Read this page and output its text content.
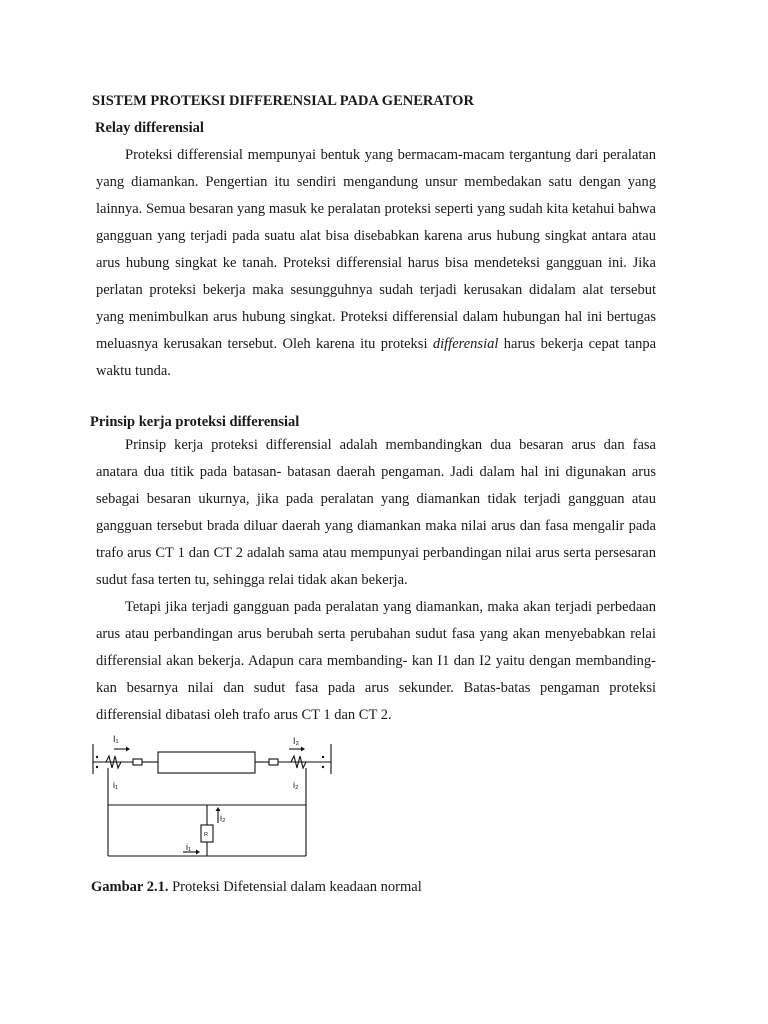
SISTEM PROTEKSI DIFFERENSIAL PADA GENERATOR
Relay differensial

Proteksi differensial mempunyai bentuk yang bermacam-macam tergantung dari peralatan yang diamankan. Pengertian itu sendiri mengandung unsur membedakan satu dengan yang lainnya. Semua besaran yang masuk ke peralatan proteksi seperti yang sudah kita ketahui bahwa gangguan yang terjadi pada suatu alat bisa disebabkan karena arus hubung singkat antara atau arus hubung singkat ke tanah. Proteksi differensial harus bisa mendeteksi gangguan ini. Jika perlatan proteksi bekerja maka sesungguhnya sudah terjadi kerusakan didalam alat tersebut yang menimbulkan arus hubung singkat. Proteksi differensial dalam hubungan hal ini bertugas meluasnya kerusakan tersebut. Oleh karena itu proteksi differensial harus bekerja cepat tanpa waktu tunda.

Prinsip kerja proteksi differensial

Prinsip kerja proteksi differensial adalah membandingkan dua besaran arus dan fasa anatara dua titik pada batasan- batasan daerah pengaman. Jadi dalam hal ini digunakan arus sebagai besaran ukurnya, jika pada peralatan yang diamankan tidak terjadi gangguan atau gangguan tersebut brada diluar daerah yang diamankan maka nilai arus dan fasa mengalir pada trafo arus CT 1 dan CT 2 adalah sama atau mempunyai perbandingan nilai arus serta persesaran sudut fasa terten tu, sehingga relai tidak akan bekerja.

Tetapi jika terjadi gangguan pada peralatan yang diamankan, maka akan terjadi perbedaan arus atau perbandingan arus berubah serta perubahan sudut fasa yang akan menyebabkan relai differensial akan bekerja. Adapun cara membanding- kan I1 dan I2 yaitu dengan membanding- kan besarnya nilai dan sudut fasa pada arus sekunder. Batas-batas pengaman proteksi differensial dibatasi oleh trafo arus CT 1 dan CT 2.

I₁	I₂
i₁	i₂
R
i₂
i₁
Gambar 2.1. Proteksi Difetensial dalam keadaan normal
